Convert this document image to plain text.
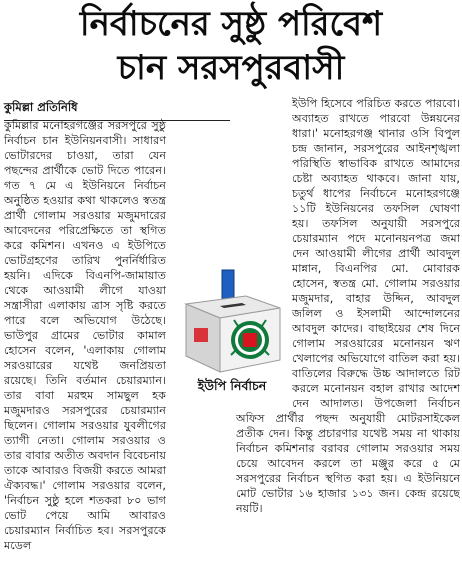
নির্বাচনের সুষ্ঠু পরিবেশ
চান সরসপুরবাসী
কুমিল্লা প্রতিনিধি

কুমিল্লার মনোহরগঞ্জের সরসপুরে সুষ্ঠু নির্বাচন চান ইউনিয়নবাসী। সাধারণ ভোটারদের চাওয়া, তারা যেন পছন্দের প্রার্থীকে ভোট দিতে পারেন। গত ৭ মে এ ইউনিয়নে নির্বাচন অনুষ্ঠিত হওয়ার কথা থাকলেও স্বতন্ত্র প্রার্থী গোলাম সরওয়ার মজুমদারের আবেদনের পরিপ্রেক্ষিতে তা স্থগিত করে কমিশন। এখনও এ ইউপিতে ভোটগ্রহণের তারিখ পুনর্নির্ধারিত হয়নি। এদিকে বিএনপি-জামায়াত থেকে আওয়ামী লীগে যাওয়া সন্ত্রাসীরা এলাকায় ত্রাস সৃষ্টি করতে পারে বলে অভিযোগ উঠেছে। ভাউপুর গ্রামের ভোটার কামাল হোসেন বলেন, 'এলাকায় গোলাম সরওয়ারের যথেষ্ট জনপ্রিয়তা রয়েছে। তিনি বর্তমান চেয়ারম্যান। তার বাবা মরহুম সামছুল হক মজুমদারও সরসপুরের চেয়ারম্যান ছিলেন। গোলাম সরওয়ার যুবলীগের ত্যাগী নেতা। গোলাম সরওয়ার ও তার বাবার অতীত অবদান বিবেচনায় তাকে আবারও বিজয়ী করতে আমরা ঐক্যবদ্ধ।' গোলাম সরওয়ার বলেন, 'নির্বাচন সুষ্ঠু হলে শতকরা ৮০ ভাগ ভোট পেয়ে আমি আবারও চেয়ারম্যান নির্বাচিত হব। সরসপুরকে মডেল

ইউপি হিসেবে পরিচিত করতে পারবো। অব্যাহত রাখতে পারবো উন্নয়নের ধারা।' মনোহরগঞ্জ থানার ওসি বিপুল চন্দ্র জানান, সরসপুরের আইনশৃঙ্খলা পরিস্থিতি স্বাভাবিক রাখতে আমাদের চেষ্টা অব্যাহত থাকবে। জানা যায়, চতুর্থ ধাপের নির্বাচনে মনোহরগঞ্জে ১১টি ইউনিয়নের তফসিল ঘোষণা হয়। তফসিল অনুযায়ী সরসপুরে চেয়ারম্যান পদে মনোনয়নপত্র জমা দেন আওয়ামী লীগের প্রার্থী আবদুল মান্নান, বিএনপির মো. মোবারক হোসেন, স্বতন্ত্র মো. গোলাম সরওয়ার মজুমদার, বাহার উদ্দিন, আবদুল জলিল ও ইসলামী আন্দোলনের আবদুল কাদের। বাছাইয়ের শেষ দিনে গোলাম সরওয়ারের মনোনয়ন ঋণ খেলাপের অভিযোগে বাতিল করা হয়। বাতিলের বিরুদ্ধে উচ্চ আদালতে রিট করলে মনোনয়ন বহাল রাখার আদেশ দেন আদালত। উপজেলা নির্বাচন অফিস প্রার্থীর পছন্দ অনুযায়ী মোটরসাইকেল প্রতীক দেন। কিন্তু প্রচারণার যথেষ্ট সময় না থাকায় নির্বাচন কমিশনার বরাবর গোলাম সরওয়ার সময় চেয়ে আবেদন করলে তা মঞ্জুর করে ৫ মে সরসপুরের নির্বাচন স্থগিত করা হয়। এ ইউনিয়নে মোট ভোটার ১৬ হাজার ১৩১ জন। কেন্দ্র রয়েছে নয়টি।

ইউপি নির্বাচন
